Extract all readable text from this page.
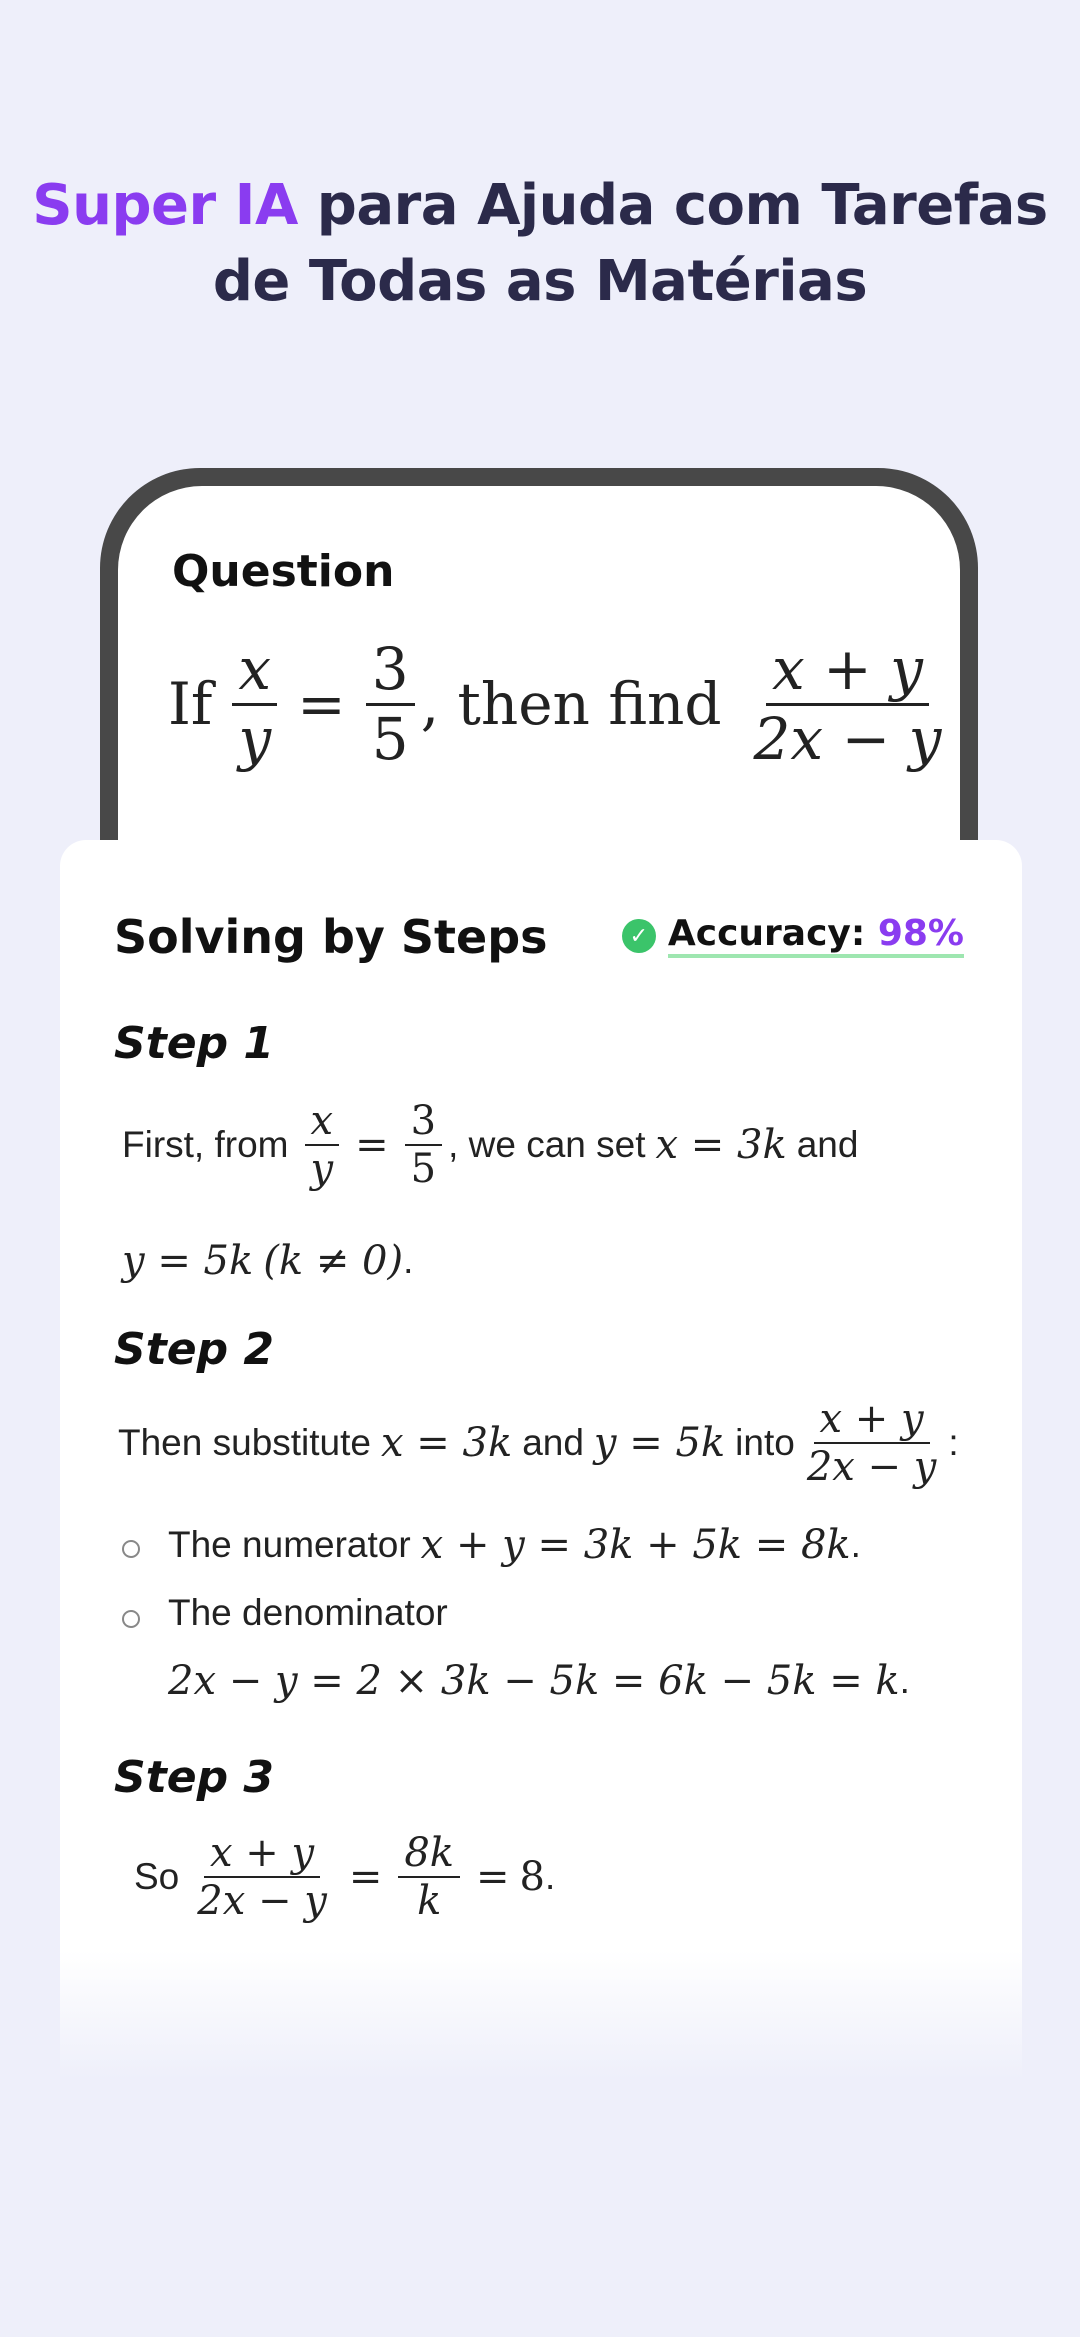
Super IA para Ajuda com Tarefas
de Todas as Matérias
Question
If $\frac{x}{y} = \frac{3}{5}$ , then find $\frac{x + y}{2x - y}$
Solving by Steps	✓ Accuracy: 98%
Step 1
First, from $\frac{x}{y} = \frac{3}{5}$ , we can set x = 3k and
y = 5k (k ≠ 0) .
Step 2
Then substitute x = 3k and y = 5k into $\frac{x + y}{2x - y}$ :
The numerator x + y = 3k + 5k = 8k .
The denominator
2x − y = 2 × 3k − 5k = 6k − 5k = k .
Step 3
So $\frac{x + y}{2x - y} = \frac{8k}{k} = 8$ .
